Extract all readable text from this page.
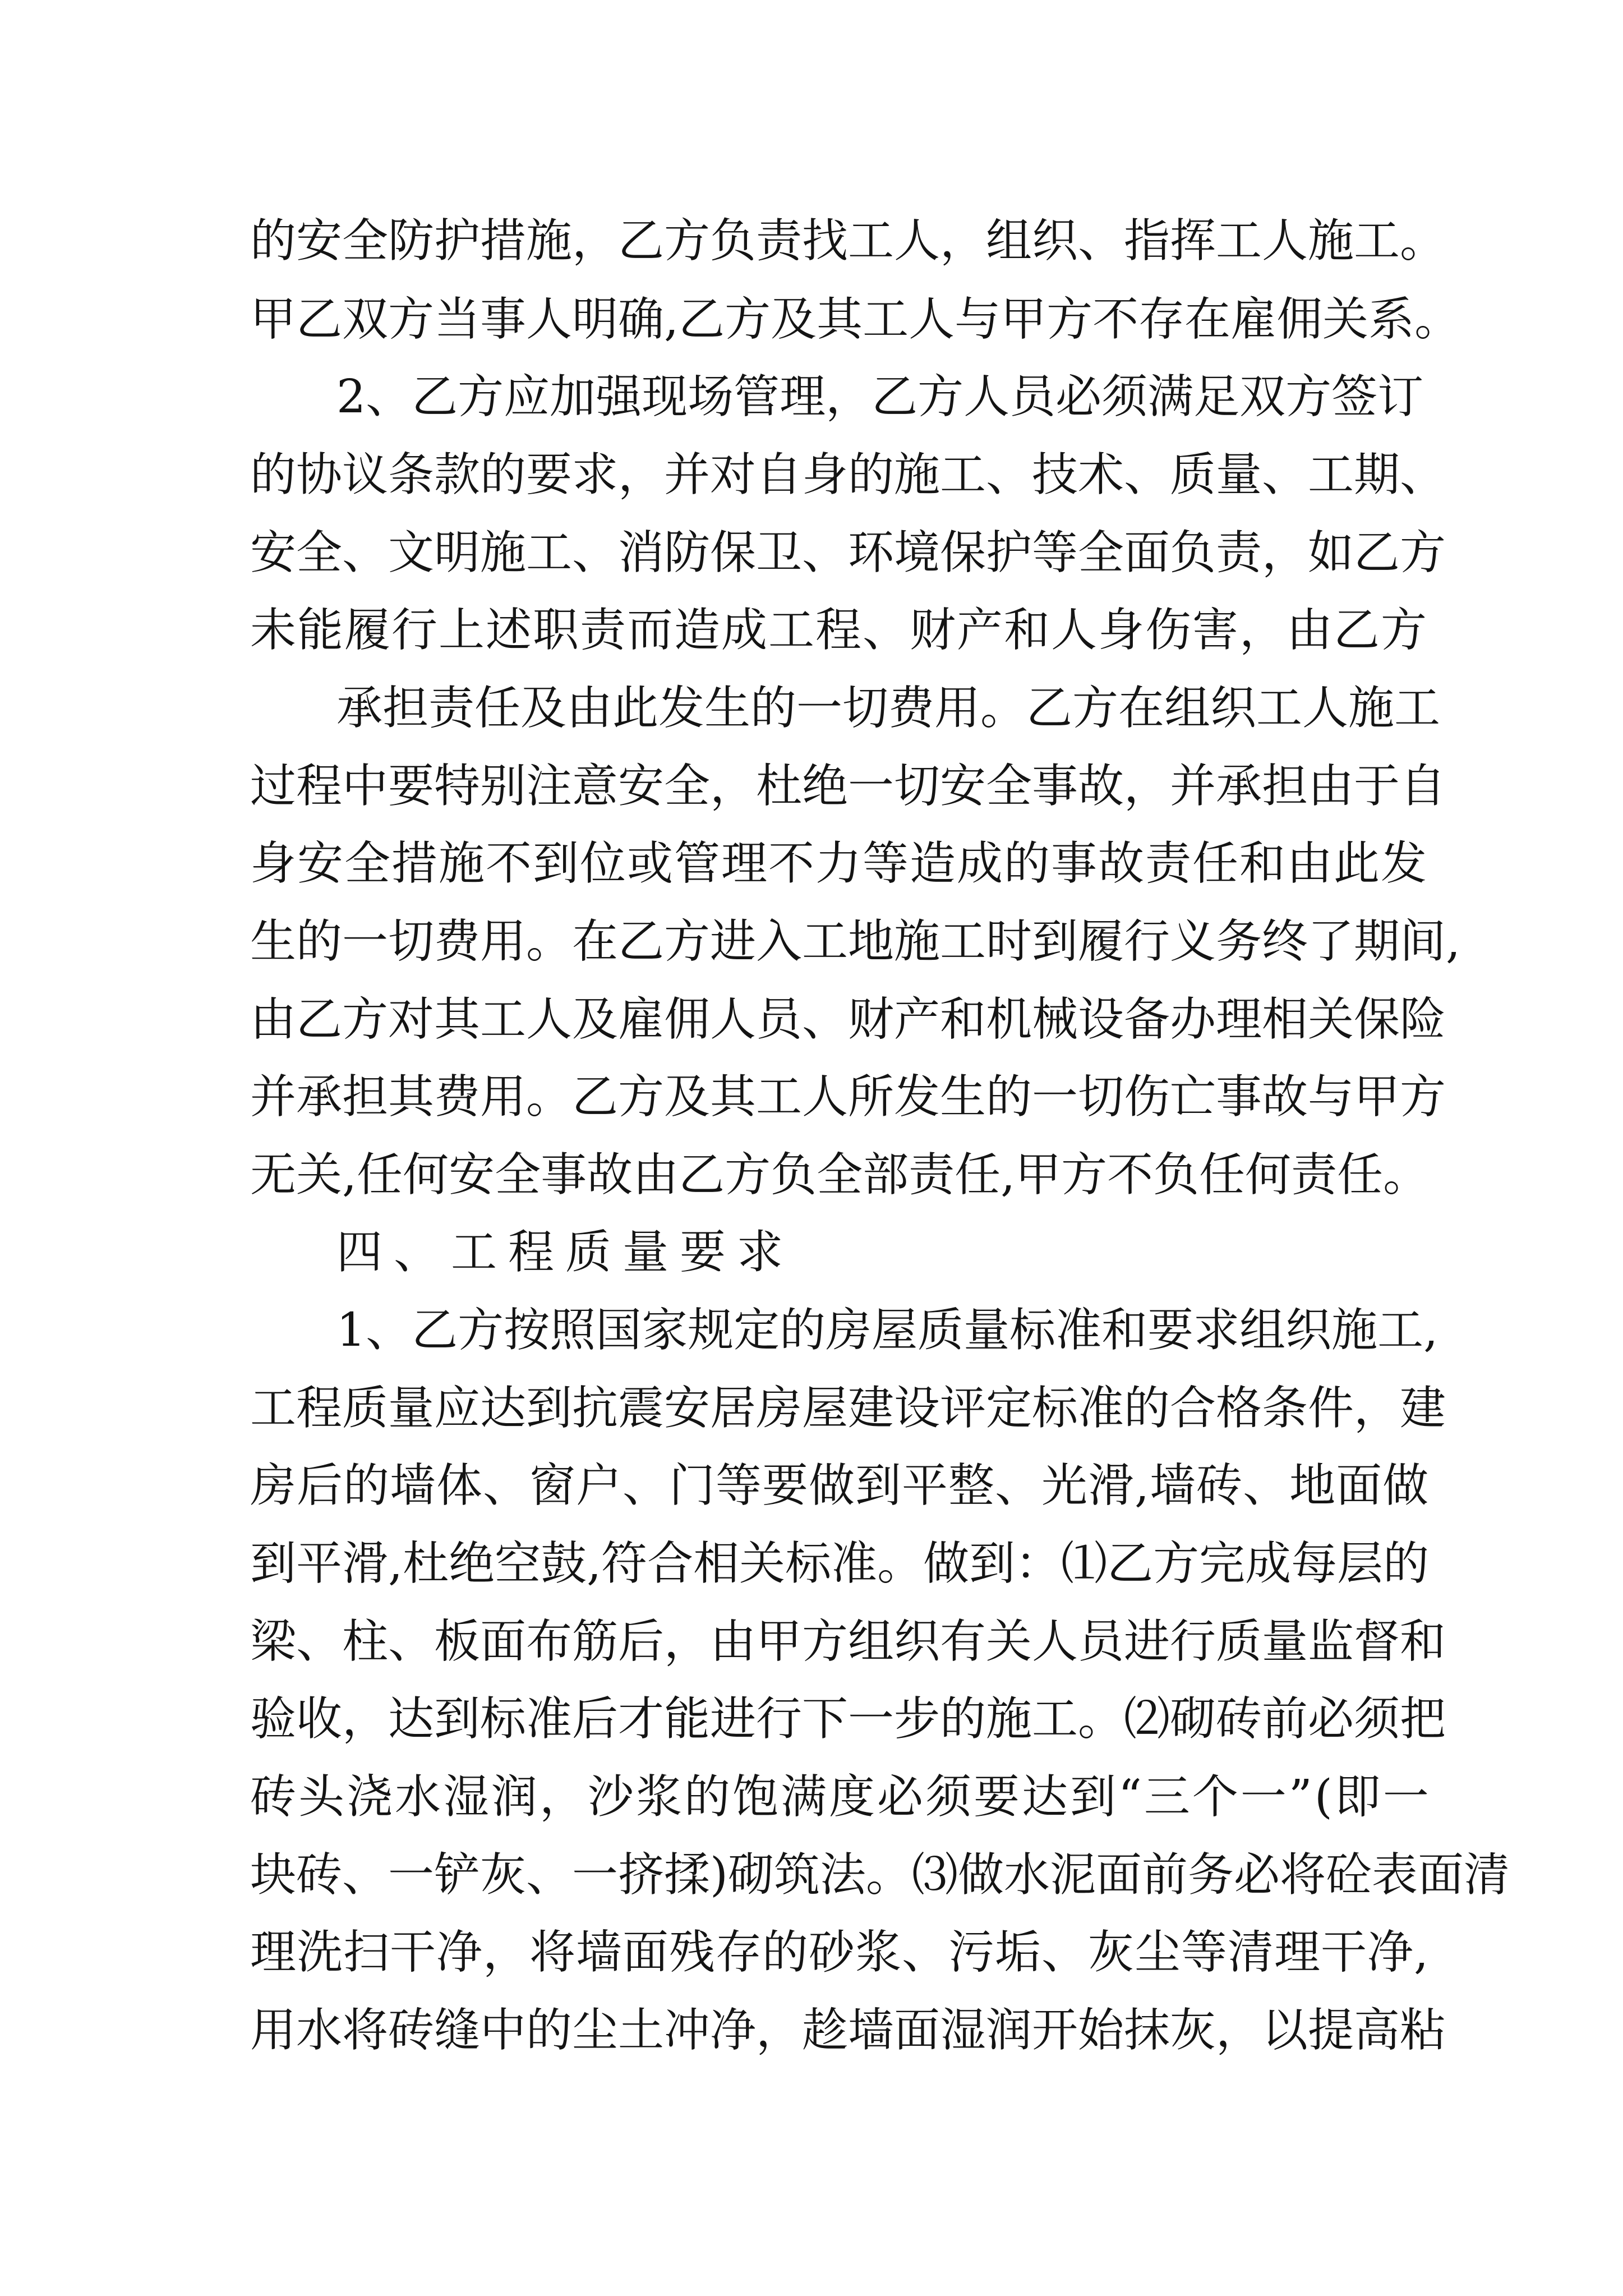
的安全防护措施，乙方负责找工人，组织、指挥工人施工。
甲乙双方当事人明确,乙方及其工人与甲方不存在雇佣关系。
2、乙方应加强现场管理，乙方人员必须满足双方签订
的协议条款的要求，并对自身的施工、技术、质量、工期、
安全、文明施工、消防保卫、环境保护等全面负责，如乙方
未能履行上述职责而造成工程、财产和人身伤害，由乙方
承担责任及由此发生的一切费用。乙方在组织工人施工
过程中要特别注意安全，杜绝一切安全事故，并承担由于自
身安全措施不到位或管理不力等造成的事故责任和由此发
生的一切费用。在乙方进入工地施工时到履行义务终了期间,
由乙方对其工人及雇佣人员、财产和机械设备办理相关保险
并承担其费用。乙方及其工人所发生的一切伤亡事故与甲方
无关,任何安全事故由乙方负全部责任,甲方不负任何责任。
四、工程质量要求
1、乙方按照国家规定的房屋质量标准和要求组织施工,
工程质量应达到抗震安居房屋建设评定标准的合格条件，建
房后的墙体、窗户、门等要做到平整、光滑,墙砖、地面做
到平滑,杜绝空鼓,符合相关标准。做到：⑴乙方完成每层的
梁、柱、板面布筋后，由甲方组织有关人员进行质量监督和
验收，达到标准后才能进行下一步的施工。⑵砌砖前必须把
砖头浇水湿润，沙浆的饱满度必须要达到“三个一”(即一
块砖、一铲灰、一挤揉)砌筑法。⑶做水泥面前务必将砼表面清
理洗扫干净，将墙面残存的砂浆、污垢、灰尘等清理干净,
用水将砖缝中的尘土冲净，趁墙面湿润开始抹灰，以提高粘
